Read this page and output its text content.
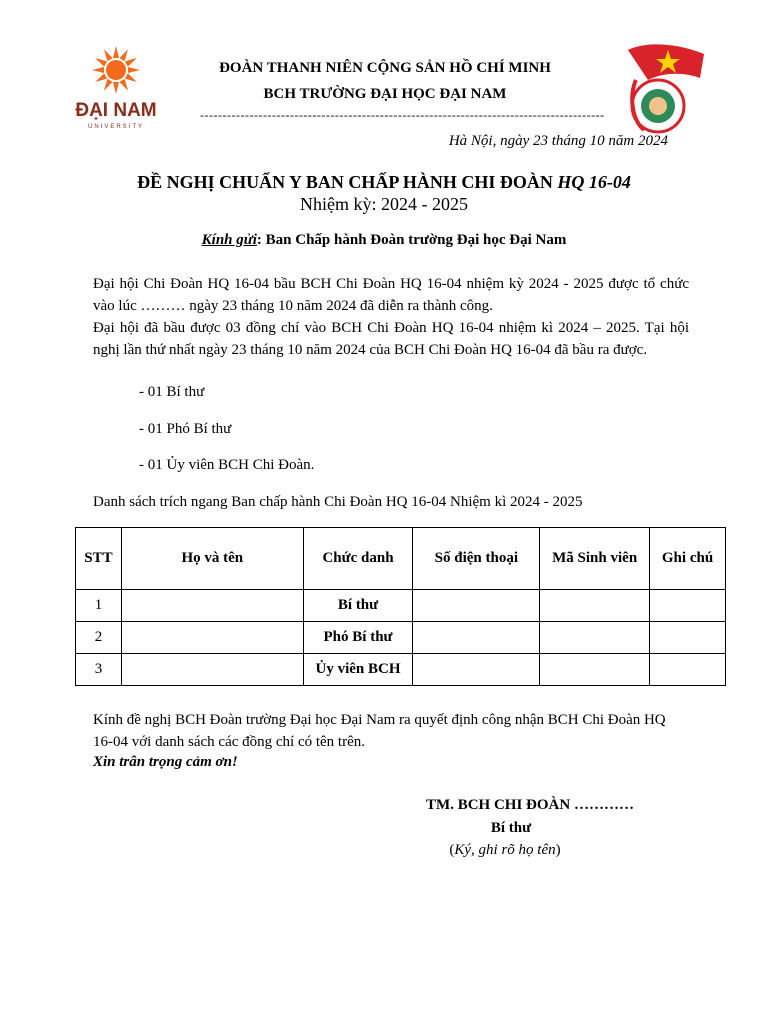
ĐẠI NAM
UNIVERSITY
ĐOÀN THANH NIÊN CỘNG SẢN HỒ CHÍ MINH
BCH TRƯỜNG ĐẠI HỌC ĐẠI NAM
------------------------------------------------------------------------------------------
Hà Nội, ngày 23 tháng 10 năm 2024
ĐỀ NGHỊ CHUẨN Y BAN CHẤP HÀNH CHI ĐOÀN HQ 16-04
Nhiệm kỳ: 2024 - 2025
Kính gửi: Ban Chấp hành Đoàn trường Đại học Đại Nam
Đại hội Chi Đoàn HQ 16-04 bầu BCH Chi Đoàn HQ 16-04 nhiệm kỳ 2024 - 2025 được tổ chức vào lúc ……… ngày 23 tháng 10 năm 2024 đã diễn ra thành công.
Đại hội đã bầu được 03 đồng chí vào BCH Chi Đoàn HQ 16-04 nhiệm kì 2024 – 2025. Tại hội nghị lần thứ nhất ngày 23 tháng 10 năm 2024 của BCH Chi Đoàn HQ 16-04 đã bầu ra được.
- 01 Bí thư
- 01 Phó Bí thư
- 01 Ủy viên BCH Chi Đoàn.
Danh sách trích ngang Ban chấp hành Chi Đoàn HQ 16-04 Nhiệm kì 2024 - 2025
STT	Họ và tên	Chức danh	Số điện thoại	Mã Sinh viên	Ghi chú
1		Bí thư			
2		Phó Bí thư			
3		Ủy viên BCH			
Kính đề nghị BCH Đoàn trường Đại học Đại Nam ra quyết định công nhận BCH Chi Đoàn HQ 16-04 với danh sách các đồng chí có tên trên.
Xin trân trọng cảm ơn!
TM. BCH CHI ĐOÀN …………
Bí thư
(Ký, ghi rõ họ tên)
